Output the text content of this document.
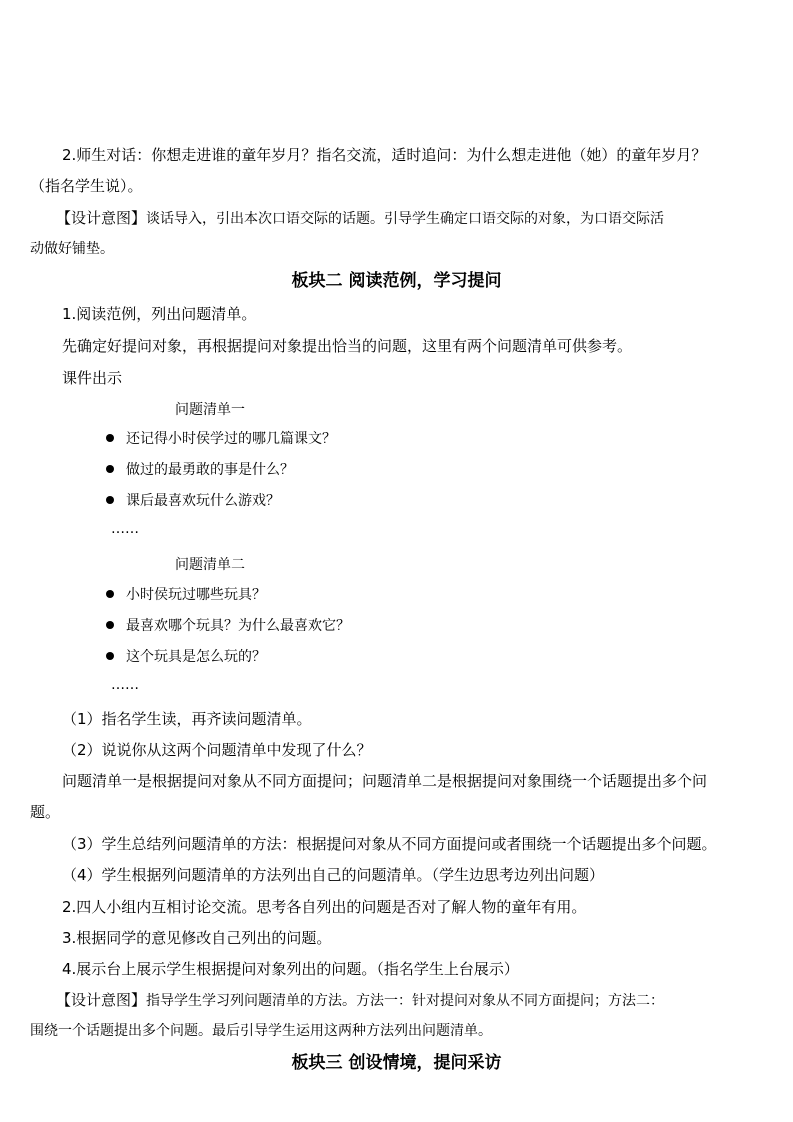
2.师生对话：你想走进谁的童年岁月？指名交流，适时追问：为什么想走进他（她）的童年岁月？
（指名学生说）。
【设计意图】谈话导入，引出本次口语交际的话题。引导学生确定口语交际的对象，为口语交际活
动做好铺垫。
板块二 阅读范例，学习提问
1.阅读范例，列出问题清单。
先确定好提问对象，再根据提问对象提出恰当的问题，这里有两个问题清单可供参考。
课件出示
问题清单一
还记得小时侯学过的哪几篇课文？
做过的最勇敢的事是什么？
课后最喜欢玩什么游戏？
……
问题清单二
小时侯玩过哪些玩具？
最喜欢哪个玩具？为什么最喜欢它？
这个玩具是怎么玩的？
……
（1）指名学生读，再齐读问题清单。
（2）说说你从这两个问题清单中发现了什么？
问题清单一是根据提问对象从不同方面提问；问题清单二是根据提问对象围绕一个话题提出多个问
题。
（3）学生总结列问题清单的方法：根据提问对象从不同方面提问或者围绕一个话题提出多个问题。
（4）学生根据列问题清单的方法列出自己的问题清单。（学生边思考边列出问题）
2.四人小组内互相讨论交流。思考各自列出的问题是否对了解人物的童年有用。
3.根据同学的意见修改自己列出的问题。
4.展示台上展示学生根据提问对象列出的问题。（指名学生上台展示）
【设计意图】指导学生学习列问题清单的方法。方法一：针对提问对象从不同方面提问；方法二：
围绕一个话题提出多个问题。最后引导学生运用这两种方法列出问题清单。
板块三 创设情境，提问采访
